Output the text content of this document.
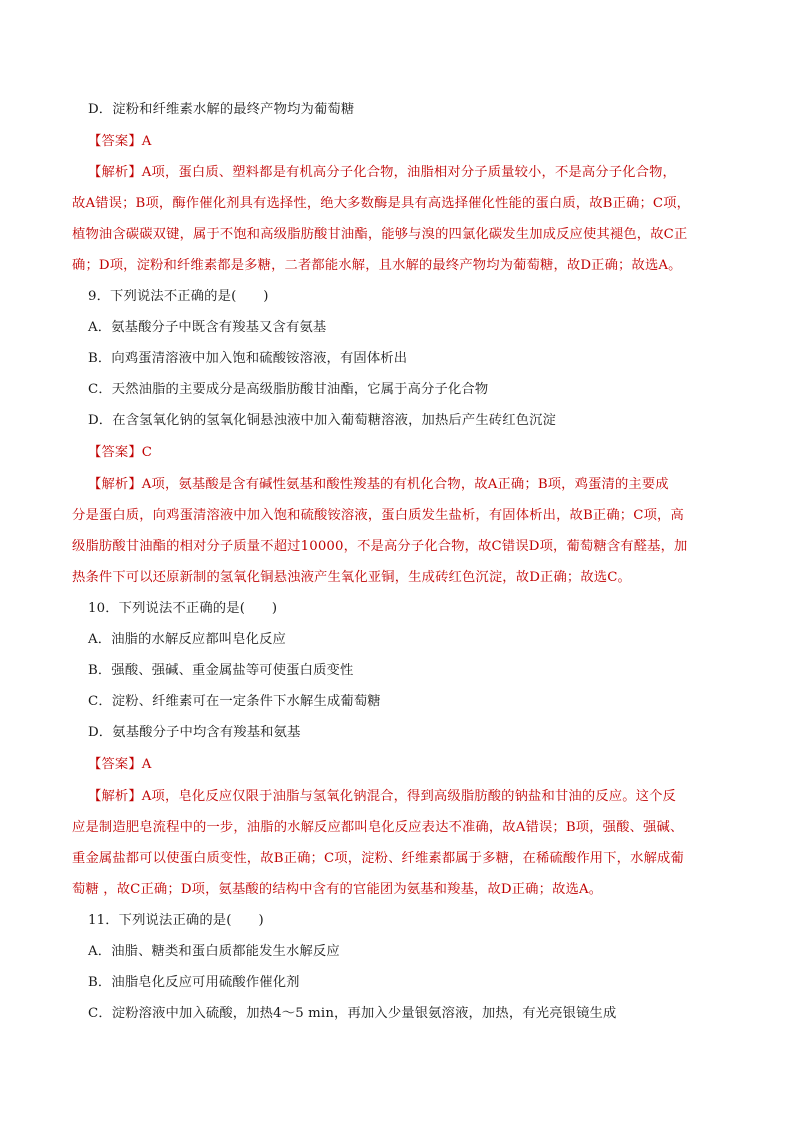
D．淀粉和纤维素水解的最终产物均为葡萄糖
【答案】A
【解析】A项，蛋白质、塑料都是有机高分子化合物，油脂相对分子质量较小，不是高分子化合物，
故A错误；B项，酶作催化剂具有选择性，绝大多数酶是具有高选择催化性能的蛋白质，故B正确；C项，
植物油含碳碳双键，属于不饱和高级脂肪酸甘油酯，能够与溴的四氯化碳发生加成反应使其褪色，故C正
确；D项，淀粉和纤维素都是多糖，二者都能水解，且水解的最终产物均为葡萄糖，故D正确；故选A。
9．下列说法不正确的是(　　)
A．氨基酸分子中既含有羧基又含有氨基
B．向鸡蛋清溶液中加入饱和硫酸铵溶液，有固体析出
C．天然油脂的主要成分是高级脂肪酸甘油酯，它属于高分子化合物
D．在含氢氧化钠的氢氧化铜悬浊液中加入葡萄糖溶液，加热后产生砖红色沉淀
【答案】C
【解析】A项，氨基酸是含有碱性氨基和酸性羧基的有机化合物，故A正确；B项，鸡蛋清的主要成
分是蛋白质，向鸡蛋清溶液中加入饱和硫酸铵溶液，蛋白质发生盐析，有固体析出，故B正确；C项，高
级脂肪酸甘油酯的相对分子质量不超过10000，不是高分子化合物，故C错误D项，葡萄糖含有醛基，加
热条件下可以还原新制的氢氧化铜悬浊液产生氧化亚铜，生成砖红色沉淀，故D正确；故选C。
10．下列说法不正确的是(　　)
A．油脂的水解反应都叫皂化反应
B．强酸、强碱、重金属盐等可使蛋白质变性
C．淀粉、纤维素可在一定条件下水解生成葡萄糖
D．氨基酸分子中均含有羧基和氨基
【答案】A
【解析】A项，皂化反应仅限于油脂与氢氧化钠混合，得到高级脂肪酸的钠盐和甘油的反应。这个反
应是制造肥皂流程中的一步，油脂的水解反应都叫皂化反应表达不准确，故A错误；B项，强酸、强碱、
重金属盐都可以使蛋白质变性，故B正确；C项，淀粉、纤维素都属于多糖，在稀硫酸作用下，水解成葡
萄糖 ，故C正确；D项，氨基酸的结构中含有的官能团为氨基和羧基，故D正确；故选A。
11．下列说法正确的是(　　)
A．油脂、糖类和蛋白质都能发生水解反应
B．油脂皂化反应可用硫酸作催化剂
C．淀粉溶液中加入硫酸，加热4～5 min，再加入少量银氨溶液，加热，有光亮银镜生成
